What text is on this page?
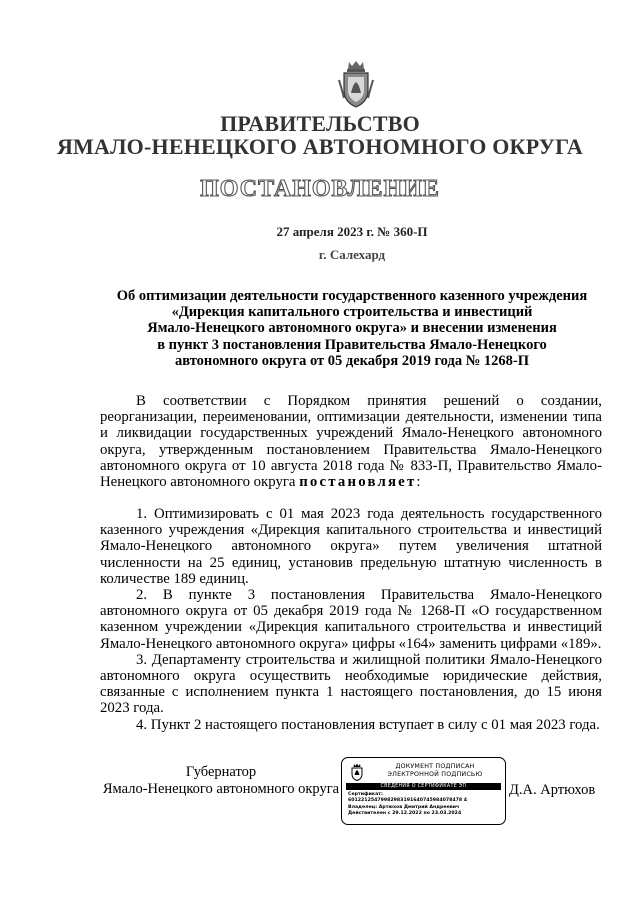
ПРАВИТЕЛЬСТВО
ЯМАЛО-НЕНЕЦКОГО АВТОНОМНОГО ОКРУГА
ПОСТАНОВЛЕНИЕ
27 апреля 2023 г. № 360-П
г. Салехард
Об оптимизации деятельности государственного казенного учреждения
«Дирекция капитального строительства и инвестиций
Ямало-Ненецкого автономного округа» и внесении изменения
в пункт 3 постановления Правительства Ямало-Ненецкого
автономного округа от 05 декабря 2019 года № 1268-П
В соответствии с Порядком принятия решений о создании, реорганизации, переименовании, оптимизации деятельности, изменении типа и ликвидации государственных учреждений Ямало-Ненецкого автономного округа, утвержденным постановлением Правительства Ямало-Ненецкого автономного округа от 10 августа 2018 года № 833-П, Правительство Ямало-Ненецкого автономного округа постановляет:

1. Оптимизировать с 01 мая 2023 года деятельность государственного казенного учреждения «Дирекция капитального строительства и инвестиций Ямало-Ненецкого автономного округа» путем увеличения штатной численности на 25 единиц, установив предельную штатную численность в количестве 189 единиц.

2. В пункте 3 постановления Правительства Ямало-Ненецкого автономного округа от 05 декабря 2019 года № 1268-П «О государственном казенном учреждении «Дирекция капитального строительства и инвестиций Ямало-Ненецкого автономного округа» цифры «164» заменить цифрами «189».

3. Департаменту строительства и жилищной политики Ямало-Ненецкого автономного округа осуществить необходимые юридические действия, связанные с исполнением пункта 1 настоящего постановления, до 15 июня 2023 года.

4. Пункт 2 настоящего постановления вступает в силу с 01 мая 2023 года.

Губернатор
Ямало-Ненецкого автономного округа
ДОКУМЕНТ ПОДПИСАН
ЭЛЕКТРОННОЙ ПОДПИСЬЮ
СВЕДЕНИЯ О СЕРТИФИКАТЕ ЭП
Сертификат:
60122125479982983191640745984078478 4
Владелец: Артюхов Дмитрий Андреевич
Действителен с 29.12.2022 по 23.03.2024
Д.А. Артюхов
